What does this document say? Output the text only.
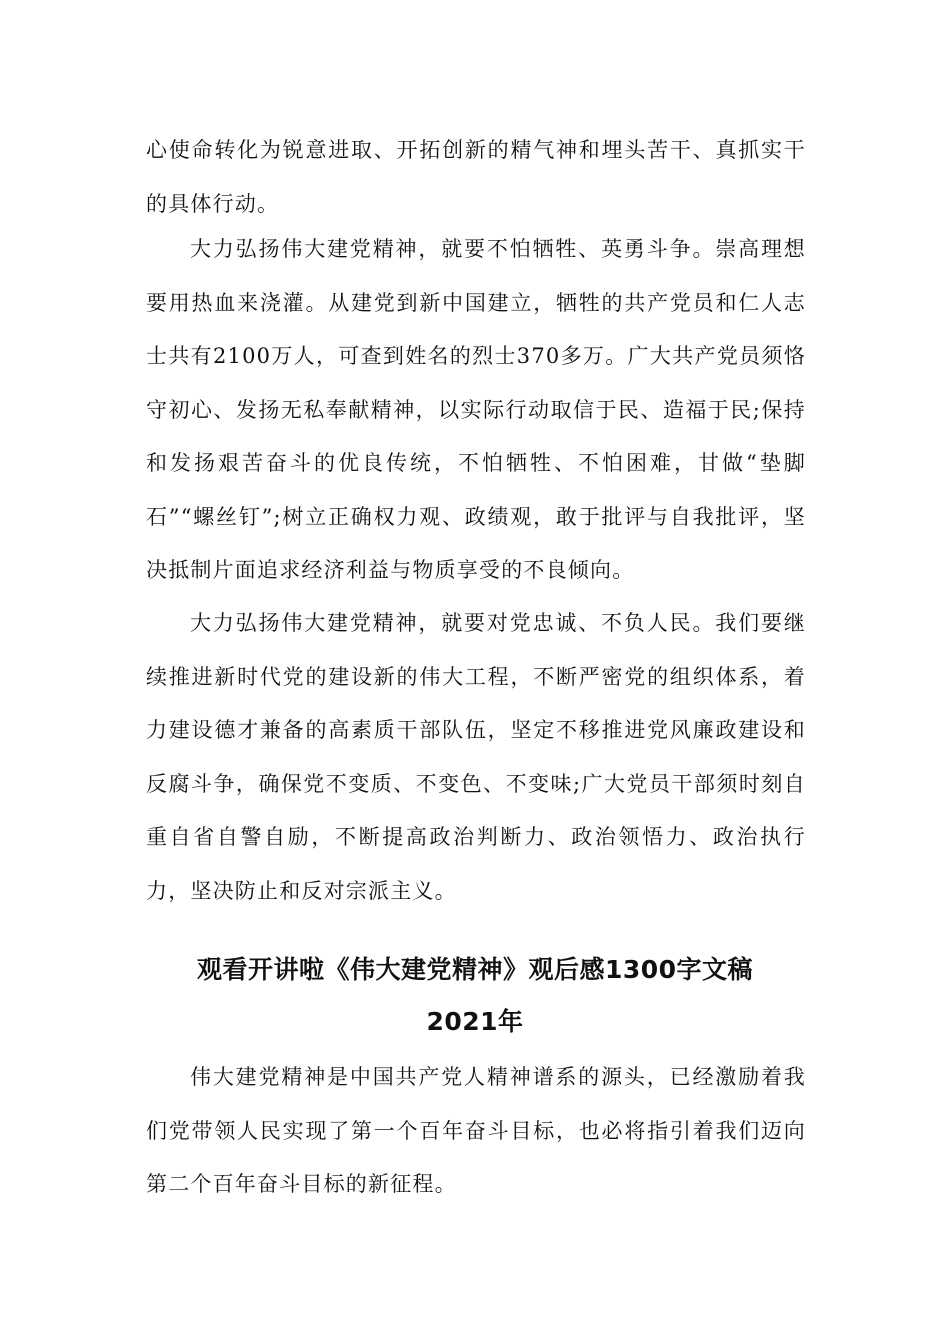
心使命转化为锐意进取、开拓创新的精气神和埋头苦干、真抓实干的具体行动。

大力弘扬伟大建党精神，就要不怕牺牲、英勇斗争。崇高理想要用热血来浇灌。从建党到新中国建立，牺牲的共产党员和仁人志士共有2100万人，可查到姓名的烈士370多万。广大共产党员须恪守初心、发扬无私奉献精神，以实际行动取信于民、造福于民;保持和发扬艰苦奋斗的优良传统，不怕牺牲、不怕困难，甘做“垫脚石”“螺丝钉”;树立正确权力观、政绩观，敢于批评与自我批评，坚决抵制片面追求经济利益与物质享受的不良倾向。

大力弘扬伟大建党精神，就要对党忠诚、不负人民。我们要继续推进新时代党的建设新的伟大工程，不断严密党的组织体系，着力建设德才兼备的高素质干部队伍，坚定不移推进党风廉政建设和反腐斗争，确保党不变质、不变色、不变味;广大党员干部须时刻自重自省自警自励，不断提高政治判断力、政治领悟力、政治执行力，坚决防止和反对宗派主义。

观看开讲啦《伟大建党精神》观后感1300字文稿
2021年

伟大建党精神是中国共产党人精神谱系的源头，已经激励着我们党带领人民实现了第一个百年奋斗目标，也必将指引着我们迈向第二个百年奋斗目标的新征程。
